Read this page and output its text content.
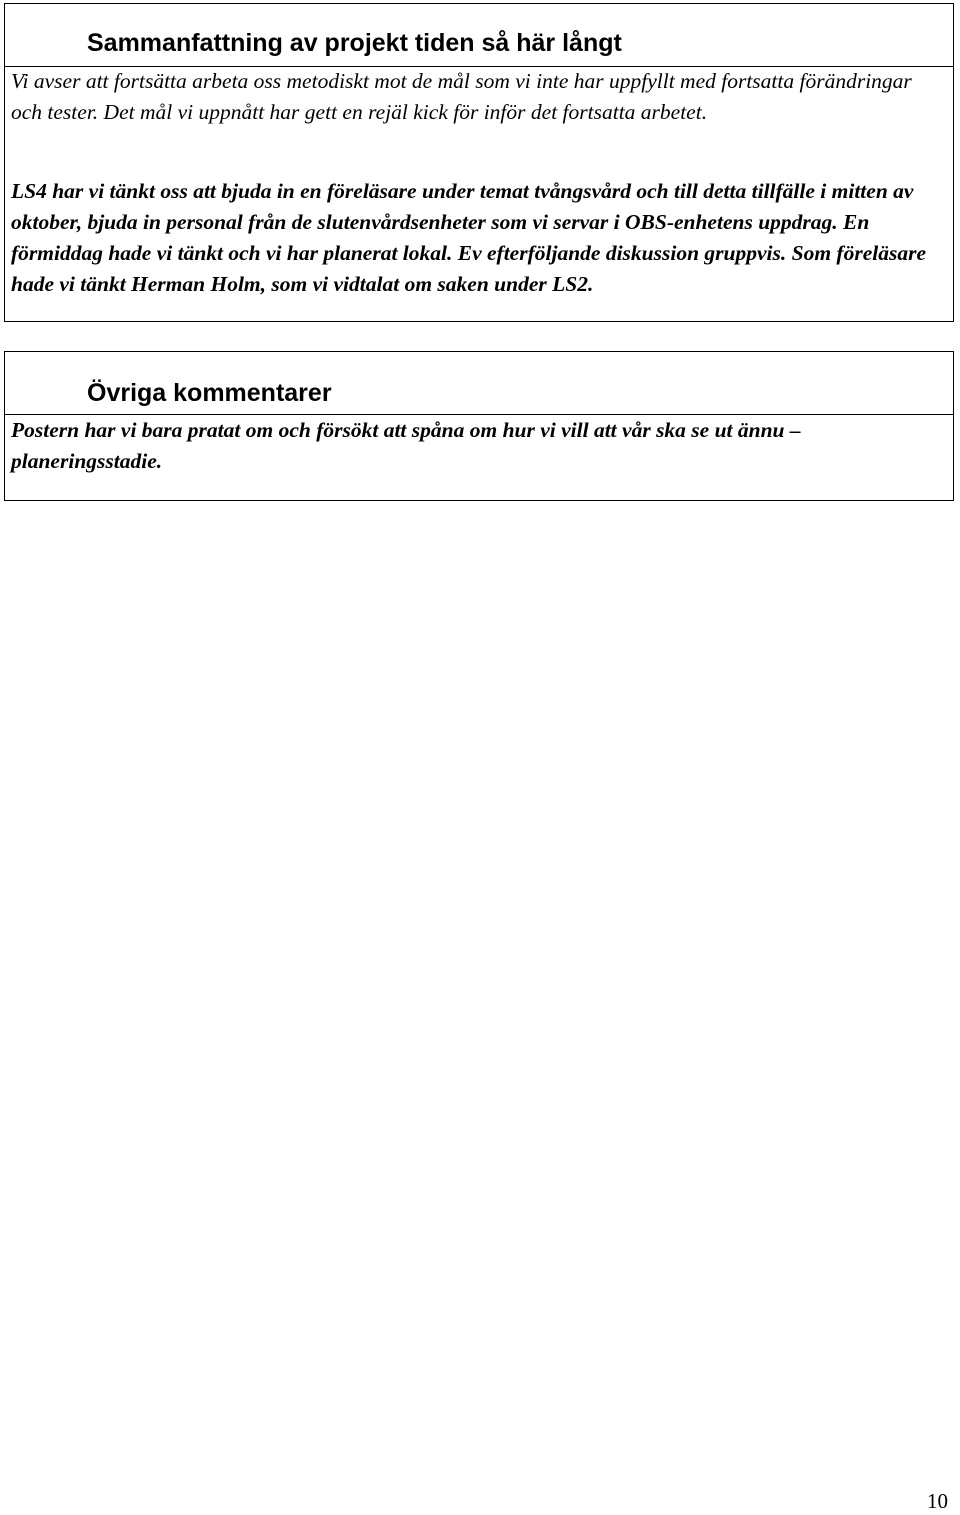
Sammanfattning av projekt tiden så här långt

Vi avser att fortsätta arbeta oss metodiskt mot de mål som vi inte har uppfyllt med fortsatta förändringar och tester. Det mål vi uppnått har gett en rejäl kick för inför det fortsatta arbetet.

LS4 har vi tänkt oss att bjuda in en föreläsare under temat tvångsvård och till detta tillfälle i mitten av oktober, bjuda in personal från de slutenvårdsenheter som vi servar i OBS-enhetens uppdrag. En förmiddag hade vi tänkt och vi har planerat lokal. Ev efterföljande diskussion gruppvis. Som föreläsare hade vi tänkt Herman Holm, som vi vidtalat om saken under LS2.

Övriga kommentarer

Postern har vi bara pratat om och försökt att spåna om hur vi vill att vår ska se ut ännu – planeringsstadie.

10
